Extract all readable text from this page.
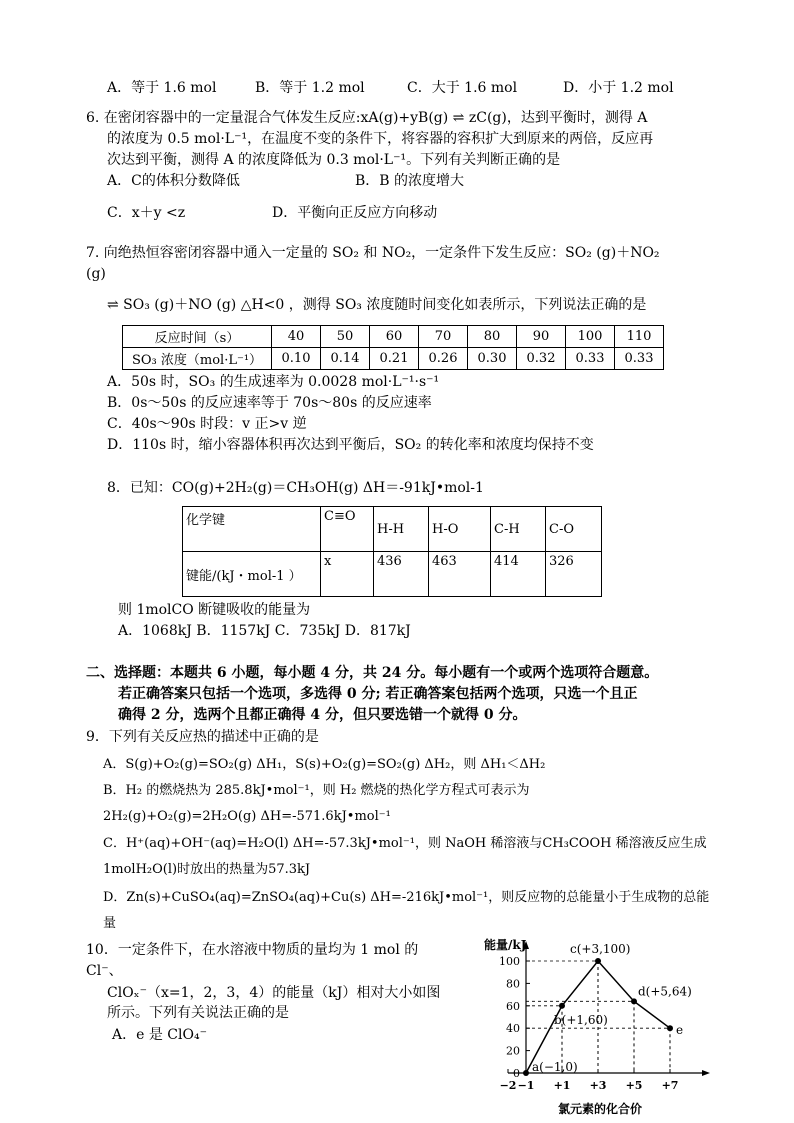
A．等于 1.6 mol	B．等于 1.2 mol	C．大于 1.6 mol	D．小于 1.2 mol
6. 在密闭容器中的一定量混合气体发生反应:xA(g)+yB(g) ⇌ zC(g)，达到平衡时，测得 A
的浓度为 0.5 mol·L⁻¹，在温度不变的条件下，将容器的容积扩大到原来的两倍，反应再
次达到平衡，测得 A 的浓度降低为 0.3 mol·L⁻¹。下列有关判断正确的是
A．C的体积分数降低	B．B 的浓度增大
C．x＋y <z	D．平衡向正反应方向移动
7. 向绝热恒容密闭容器中通入一定量的 SO₂ 和 NO₂，一定条件下发生反应：SO₂ (g)＋NO₂
(g)
⇌ SO₃ (g)＋NO (g) △H<0 ，测得 SO₃ 浓度随时间变化如表所示，下列说法正确的是
反应时间（s）	40	50	60	70	80	90	100	110
SO₃ 浓度（mol·L⁻¹）	0.10	0.14	0.21	0.26	0.30	0.32	0.33	0.33
A．50s 时，SO₃ 的生成速率为 0.0028 mol·L⁻¹·s⁻¹
B．0s～50s 的反应速率等于 70s～80s 的反应速率
C．40s～90s 时段：v 正>v 逆
D．110s 时，缩小容器体积再次达到平衡后，SO₂ 的转化率和浓度均保持不变
8．已知：CO(g)+2H₂(g)＝CH₃OH(g) ΔH＝-91kJ•mol-1
化学键	C≡O	H-H	H-O	C-H	C-O
键能/(kJ・mol-1 ）	x	436	463	414	326
则 1molCO 断键吸收的能量为
A．1068kJ B．1157kJ C．735kJ D．817kJ
二、选择题：本题共 6 小题，每小题 4 分，共 24 分。每小题有一个或两个选项符合题意。
若正确答案只包括一个选项，多选得 0 分; 若正确答案包括两个选项，只选一个且正
确得 2 分，选两个且都正确得 4 分，但只要选错一个就得 0 分。
9．下列有关反应热的描述中正确的是
A．S(g)+O₂(g)=SO₂(g) ΔH₁，S(s)+O₂(g)=SO₂(g) ΔH₂，则 ΔH₁＜ΔH₂
B．H₂ 的燃烧热为 285.8kJ•mol⁻¹，则 H₂ 燃烧的热化学方程式可表示为
2H₂(g)+O₂(g)=2H₂O(g) ΔH=-571.6kJ•mol⁻¹
C．H⁺(aq)+OH⁻(aq)=H₂O(l) ΔH=-57.3kJ•mol⁻¹，则 NaOH 稀溶液与CH₃COOH 稀溶液反应生成
1molH₂O(l)时放出的热量为57.3kJ
D．Zn(s)+CuSO₄(aq)=ZnSO₄(aq)+Cu(s) ΔH=-216kJ•mol⁻¹，则反应物的总能量小于生成物的总能
量
10．一定条件下，在水溶液中物质的量均为 1 mol 的
Cl⁻、
ClOₓ⁻（x=1，2，3，4）的能量（kJ）相对大小如图
所示。下列有关说法正确的是
A．e 是 ClO₄⁻
能量/kJ
氯元素的化合价
0
20
40
60
80
100
−2 −1 +1 +3 +5 +7
a(−1,0)
b(+1,60)
c(+3,100)
d(+5,64)
e
